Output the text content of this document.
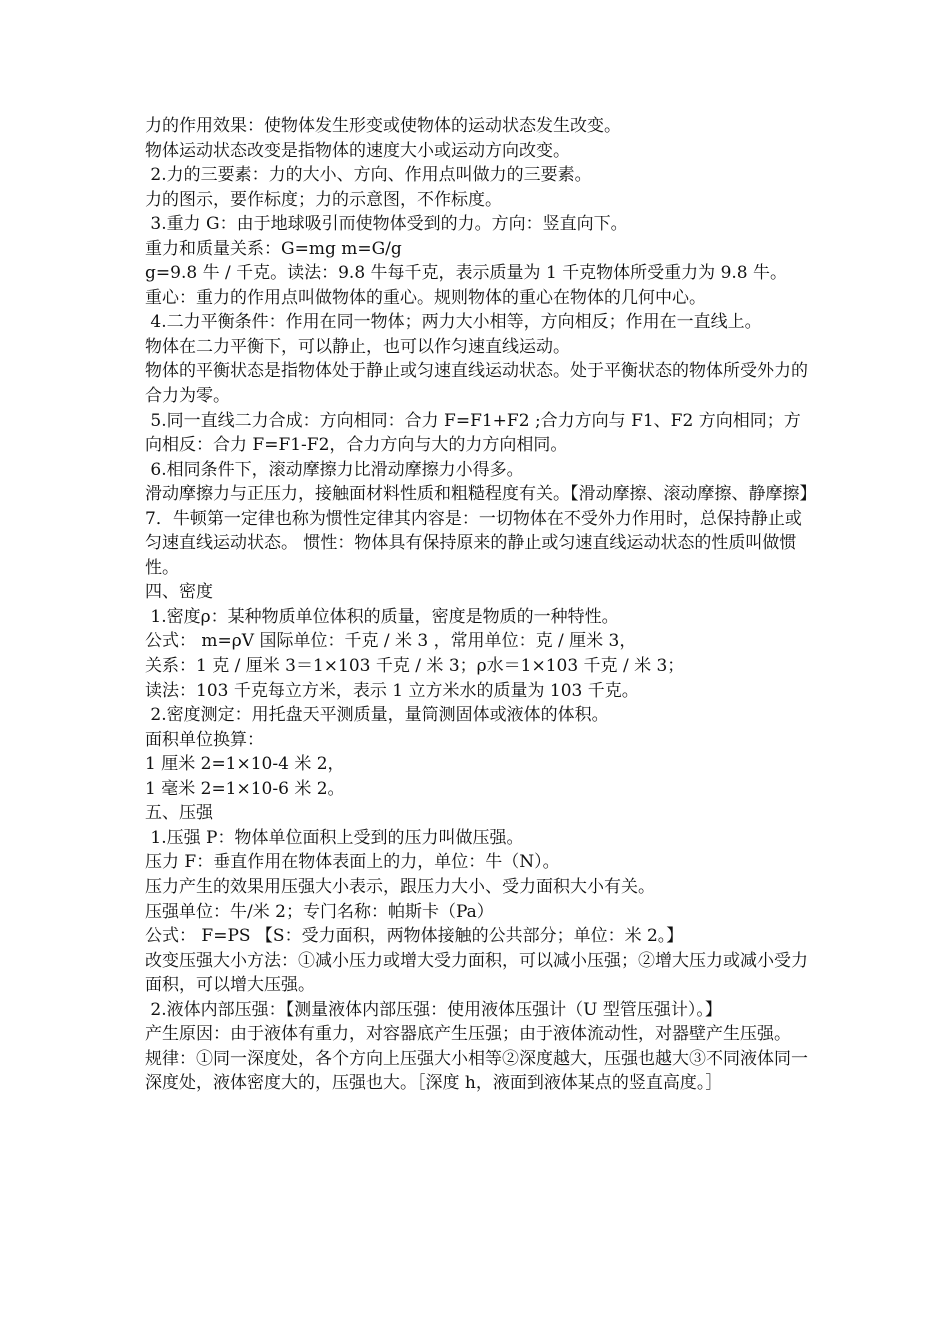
力的作用效果：使物体发生形变或使物体的运动状态发生改变。

物体运动状态改变是指物体的速度大小或运动方向改变。

2.力的三要素：力的大小、方向、作用点叫做力的三要素。

力的图示，要作标度；力的示意图，不作标度。

3.重力 G：由于地球吸引而使物体受到的力。方向：竖直向下。

重力和质量关系：G=mg m=G/g

g=9.8 牛 / 千克。读法：9.8 牛每千克，表示质量为 1 千克物体所受重力为 9.8 牛。

重心：重力的作用点叫做物体的重心。规则物体的重心在物体的几何中心。

4.二力平衡条件：作用在同一物体；两力大小相等，方向相反；作用在一直线上。

物体在二力平衡下，可以静止，也可以作匀速直线运动。

物体的平衡状态是指物体处于静止或匀速直线运动状态。处于平衡状态的物体所受外力的合力为零。

5.同一直线二力合成：方向相同：合力 F=F1+F2 ;合力方向与 F1、F2 方向相同；方向相反：合力 F=F1-F2，合力方向与大的力方向相同。

6.相同条件下，滚动摩擦力比滑动摩擦力小得多。

滑动摩擦力与正压力，接触面材料性质和粗糙程度有关。【滑动摩擦、滚动摩擦、静摩擦】

7．牛顿第一定律也称为惯性定律其内容是：一切物体在不受外力作用时，总保持静止或匀速直线运动状态。 惯性：物体具有保持原来的静止或匀速直线运动状态的性质叫做惯性。

四、密度

1.密度ρ：某种物质单位体积的质量，密度是物质的一种特性。

公式： m=ρV 国际单位：千克 / 米 3 ，常用单位：克 / 厘米 3，

关系：1 克 / 厘米 3＝1×103 千克 / 米 3；ρ水＝1×103 千克 / 米 3；

读法：103 千克每立方米，表示 1 立方米水的质量为 103 千克。

2.密度测定：用托盘天平测质量，量筒测固体或液体的体积。

面积单位换算：

1 厘米 2=1×10-4 米 2，

1 毫米 2=1×10-6 米 2。

五、压强

1.压强 P：物体单位面积上受到的压力叫做压强。

压力 F：垂直作用在物体表面上的力，单位：牛（N）。

压力产生的效果用压强大小表示，跟压力大小、受力面积大小有关。

压强单位：牛/米 2；专门名称：帕斯卡（Pa）

公式： F=PS 【S：受力面积，两物体接触的公共部分；单位：米 2。】

改变压强大小方法：①减小压力或增大受力面积，可以减小压强；②增大压力或减小受力面积，可以增大压强。

2.液体内部压强：【测量液体内部压强：使用液体压强计（U 型管压强计）。】

产生原因：由于液体有重力，对容器底产生压强；由于液体流动性，对器壁产生压强。

规律：①同一深度处，各个方向上压强大小相等②深度越大，压强也越大③不同液体同一深度处，液体密度大的，压强也大。［深度 h，液面到液体某点的竖直高度。］
